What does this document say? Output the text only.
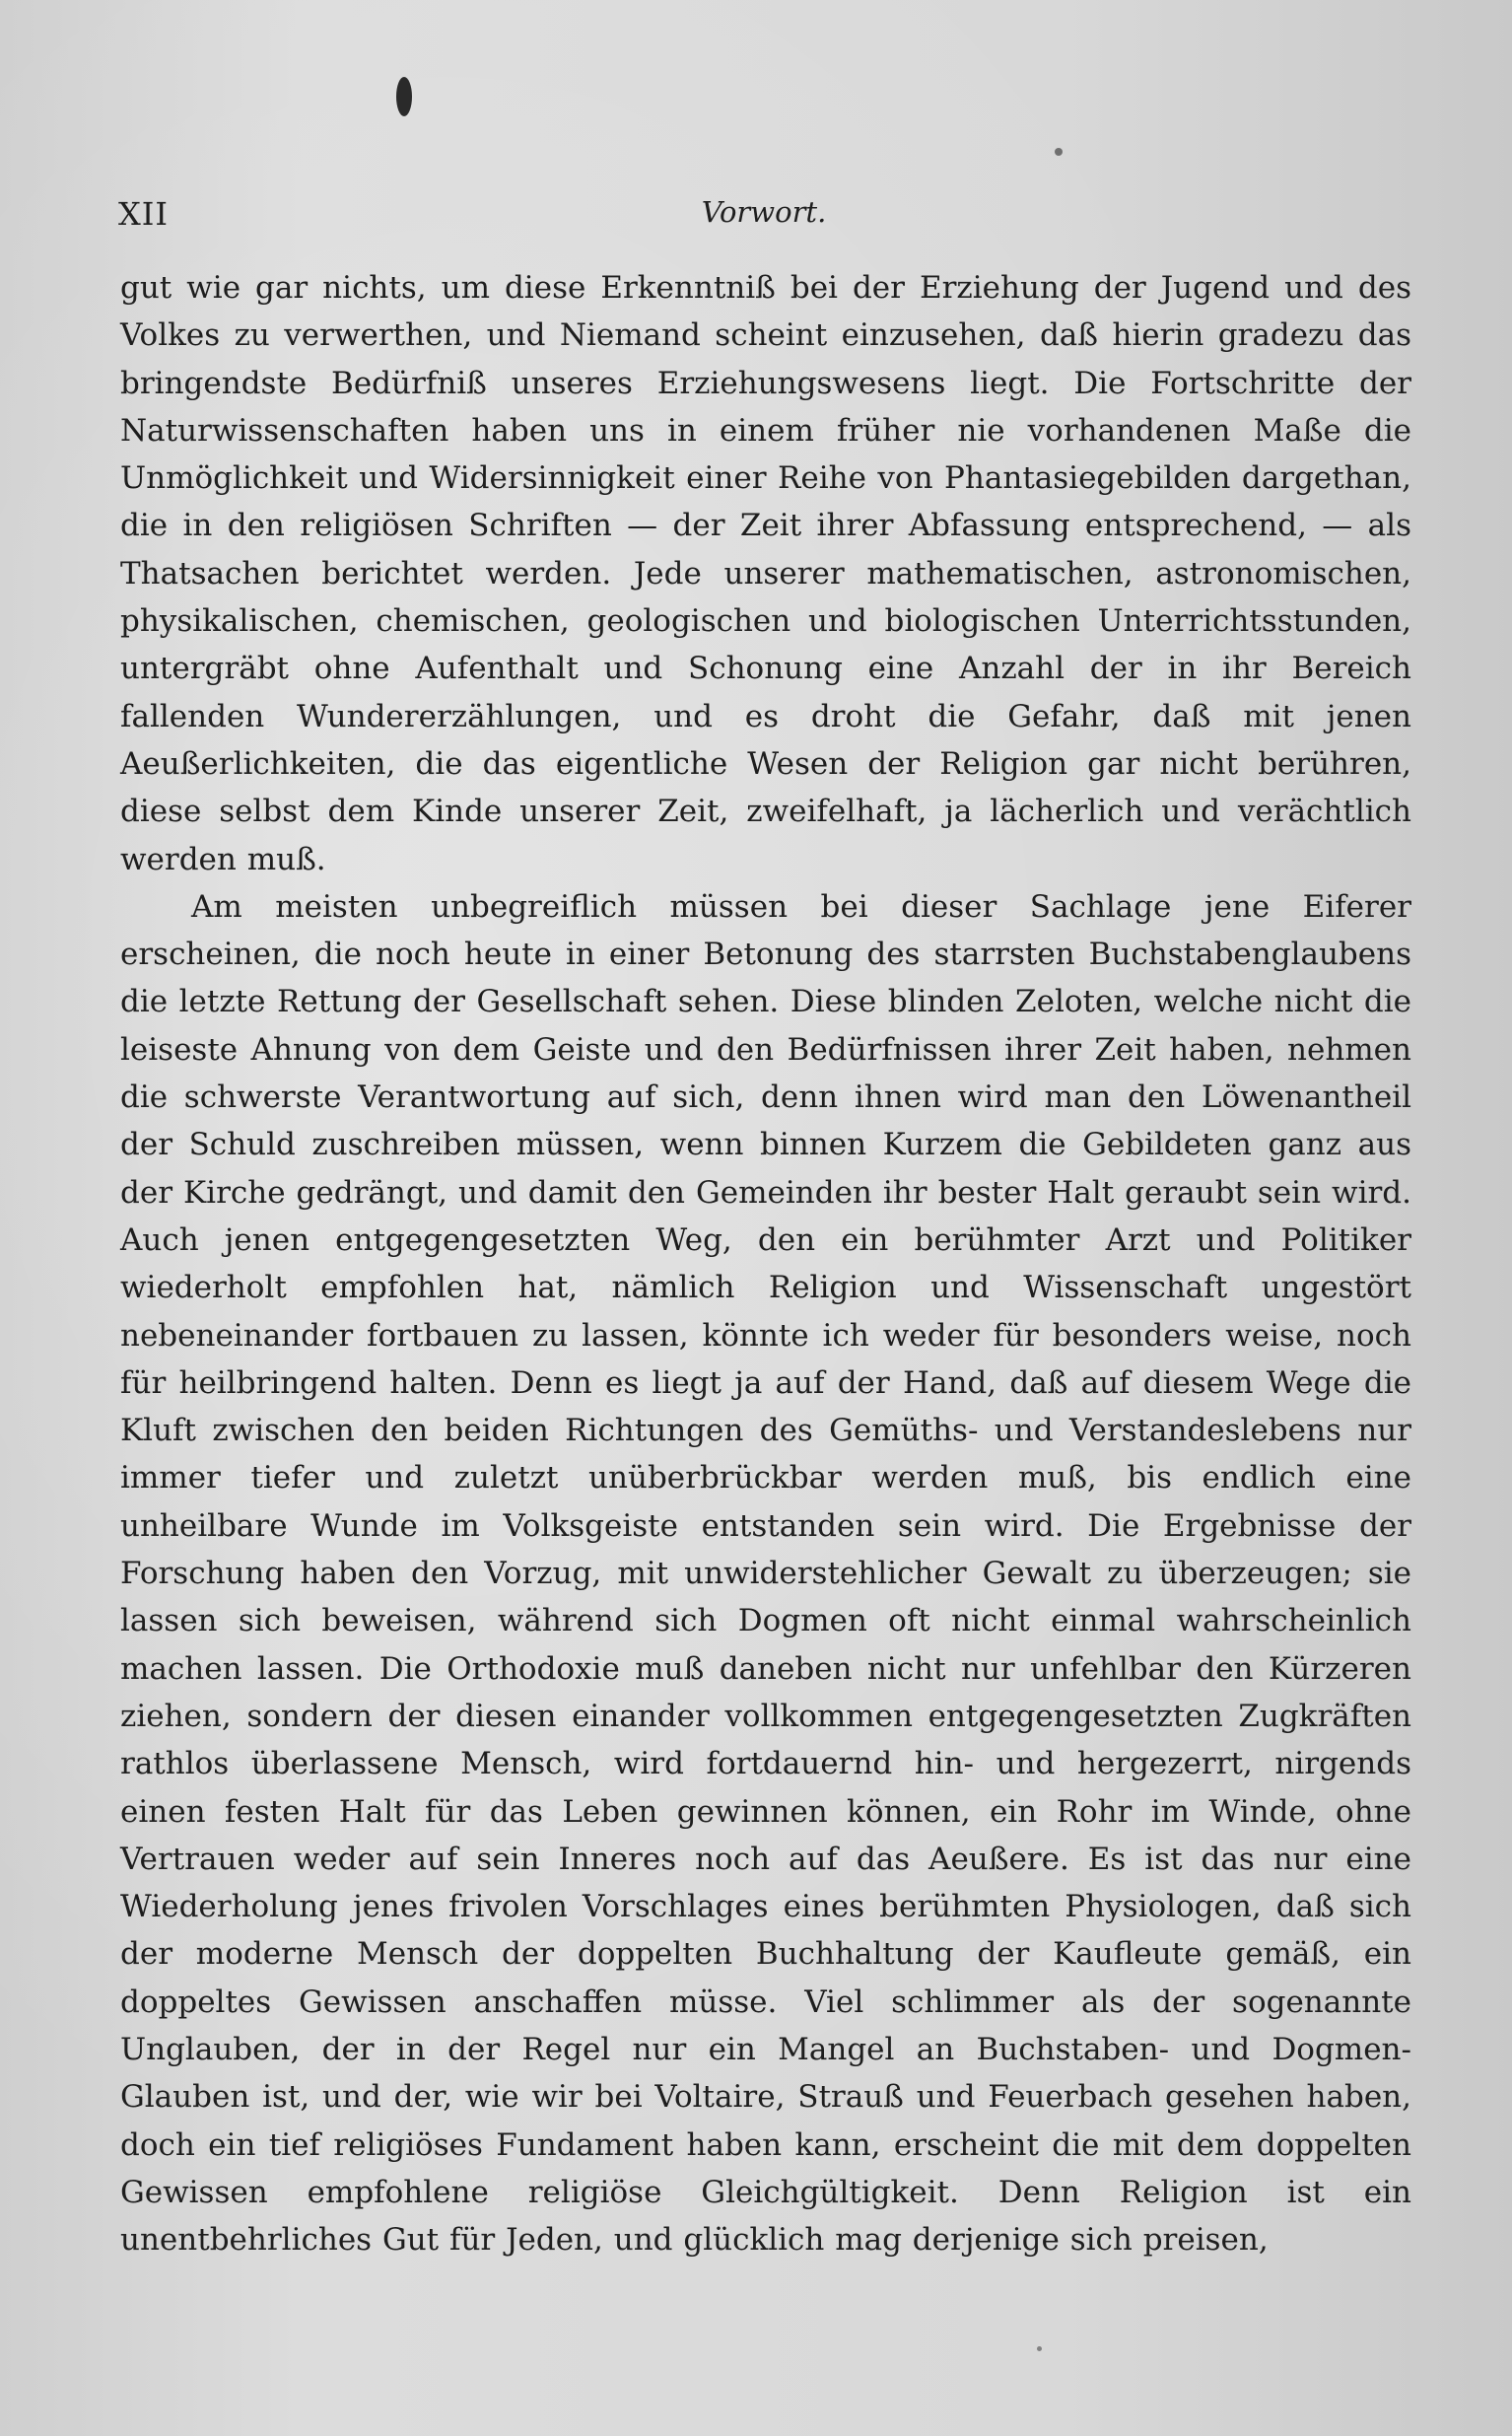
XII	Vorwort.

gut wie gar nichts, um diese Erkenntniß bei der Erziehung der Jugend und des Volkes zu verwerthen, und Niemand scheint einzusehen, daß hierin gradezu das bringendste Bedürfniß unseres Erziehungswesens liegt. Die Fortschritte der Naturwissenschaften haben uns in einem früher nie vorhandenen Maße die Unmöglichkeit und Widersinnigkeit einer Reihe von Phantasiegebilden dargethan, die in den religiösen Schriften — der Zeit ihrer Abfassung entsprechend, — als Thatsachen berichtet werden. Jede unserer mathematischen, astronomischen, physikalischen, chemischen, geologischen und biologischen Unterrichtsstunden, untergräbt ohne Aufenthalt und Schonung eine Anzahl der in ihr Bereich fallenden Wundererzählungen, und es droht die Gefahr, daß mit jenen Aeußerlichkeiten, die das eigentliche Wesen der Religion gar nicht berühren, diese selbst dem Kinde unserer Zeit, zweifelhaft, ja lächerlich und verächtlich werden muß.

Am meisten unbegreiflich müssen bei dieser Sachlage jene Eiferer erscheinen, die noch heute in einer Betonung des starrsten Buchstabenglaubens die letzte Rettung der Gesellschaft sehen. Diese blinden Zeloten, welche nicht die leiseste Ahnung von dem Geiste und den Bedürfnissen ihrer Zeit haben, nehmen die schwerste Verantwortung auf sich, denn ihnen wird man den Löwenantheil der Schuld zuschreiben müssen, wenn binnen Kurzem die Gebildeten ganz aus der Kirche gedrängt, und damit den Gemeinden ihr bester Halt geraubt sein wird. Auch jenen entgegengesetzten Weg, den ein berühmter Arzt und Politiker wiederholt empfohlen hat, nämlich Religion und Wissenschaft ungestört nebeneinander fortbauen zu lassen, könnte ich weder für besonders weise, noch für heilbringend halten. Denn es liegt ja auf der Hand, daß auf diesem Wege die Kluft zwischen den beiden Richtungen des Gemüths- und Verstandeslebens nur immer tiefer und zuletzt unüberbrückbar werden muß, bis endlich eine unheilbare Wunde im Volksgeiste entstanden sein wird. Die Ergebnisse der Forschung haben den Vorzug, mit unwiderstehlicher Gewalt zu überzeugen; sie lassen sich beweisen, während sich Dogmen oft nicht einmal wahrscheinlich machen lassen. Die Orthodoxie muß daneben nicht nur unfehlbar den Kürzeren ziehen, sondern der diesen einander vollkommen entgegengesetzten Zugkräften rathlos überlassene Mensch, wird fortdauernd hin- und hergezerrt, nirgends einen festen Halt für das Leben gewinnen können, ein Rohr im Winde, ohne Vertrauen weder auf sein Inneres noch auf das Aeußere. Es ist das nur eine Wiederholung jenes frivolen Vorschlages eines berühmten Physiologen, daß sich der moderne Mensch der doppelten Buchhaltung der Kaufleute gemäß, ein doppeltes Gewissen anschaffen müsse. Viel schlimmer als der sogenannte Unglauben, der in der Regel nur ein Mangel an Buchstaben- und Dogmen-Glauben ist, und der, wie wir bei Voltaire, Strauß und Feuerbach gesehen haben, doch ein tief religiöses Fundament haben kann, erscheint die mit dem doppelten Gewissen empfohlene religiöse Gleichgültigkeit. Denn Religion ist ein unentbehrliches Gut für Jeden, und glücklich mag derjenige sich preisen,
